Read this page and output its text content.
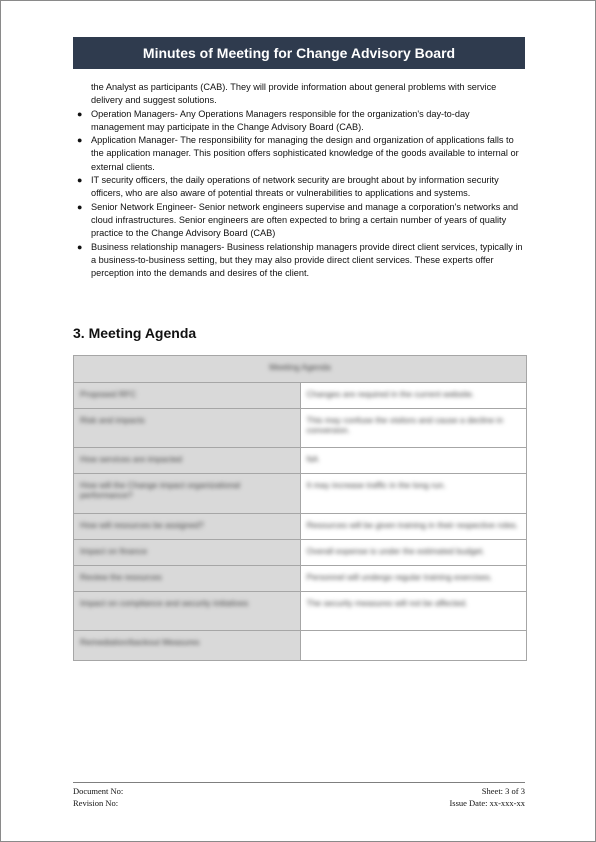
Minutes of Meeting for Change Advisory Board

the Analyst as participants (CAB). They will provide information about general problems with service delivery and suggest solutions.

● Operation Managers- Any Operations Managers responsible for the organization's day-to-day management may participate in the Change Advisory Board (CAB).
● Application Manager- The responsibility for managing the design and organization of applications falls to the application manager. This position offers sophisticated knowledge of the goods available to internal or external clients.
● IT security officers, the daily operations of network security are brought about by information security officers, who are also aware of potential threats or vulnerabilities to applications and systems.
● Senior Network Engineer- Senior network engineers supervise and manage a corporation's networks and cloud infrastructures. Senior engineers are often expected to bring a certain number of years of quality practice to the Change Advisory Board (CAB)
● Business relationship managers- Business relationship managers provide direct client services, typically in a business-to-business setting, but they may also provide direct client services. These experts offer perception into the demands and desires of the client.
3. Meeting Agenda
Meeting Agenda	
Proposed RFC	Changes are required in the current website.
Risk and impacts	This may confuse the visitors and cause a decline in conversion.
How services are impacted	NA
How will the Change impact organizational performance?	It may increase traffic in the long run.
How will resources be assigned?	Resources will be given training in their respective roles.
Impact on finance	Overall expense is under the estimated budget.
Review the resources	Personnel will undergo regular training exercises.
Impact on compliance and security initiatives	The security measures will not be affected.
Remediation/backout Measures	
Document No:	Sheet: 3 of 3
Revision No:	Issue Date: xx-xxx-xx
